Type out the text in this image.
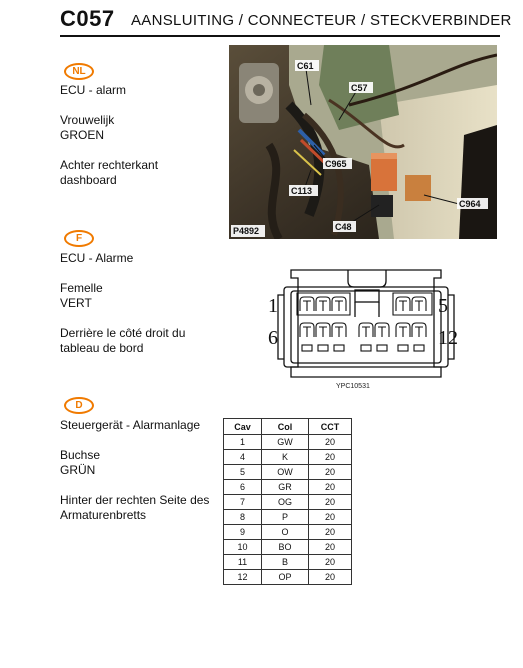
C057 AANSLUITING / CONNECTEUR / STECKVERBINDER
NL
ECU - alarm
Vrouwelijk
GROEN
Achter rechterkant
dashboard
F
ECU - Alarme
Femelle
VERT
Derrière le côté droit du
tableau de bord
D
Steuergerät - Alarmanlage
Buchse
GRÜN
Hinter der rechten Seite des
Armaturenbretts
C61
C57
C965
C113
C48
C964
P4892
1	5
6	12
YPC10531
Cav	Col	CCT
1	GW	20
4	K	20
5	OW	20
6	GR	20
7	OG	20
8	P	20
9	O	20
10	BO	20
11	B	20
12	OP	20
